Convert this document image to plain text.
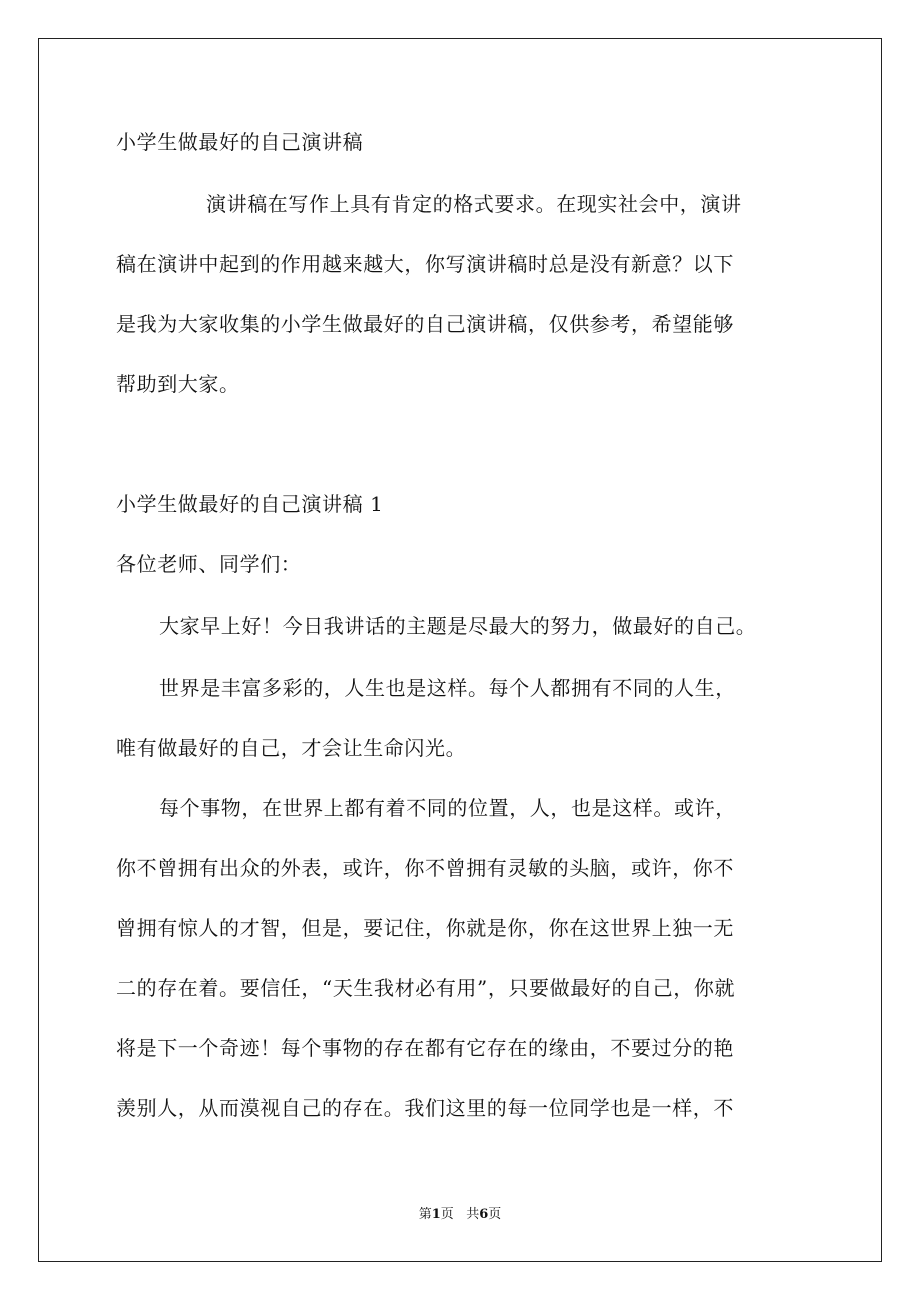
小学生做最好的自己演讲稿
演讲稿在写作上具有肯定的格式要求。在现实社会中，演讲
稿在演讲中起到的作用越来越大，你写演讲稿时总是没有新意？以下
是我为大家收集的小学生做最好的自己演讲稿，仅供参考，希望能够
帮助到大家。
小学生做最好的自己演讲稿 1
各位老师、同学们：
大家早上好！今日我讲话的主题是尽最大的努力，做最好的自己。
世界是丰富多彩的，人生也是这样。每个人都拥有不同的人生，
唯有做最好的自己，才会让生命闪光。
每个事物，在世界上都有着不同的位置，人，也是这样。或许，
你不曾拥有出众的外表，或许，你不曾拥有灵敏的头脑，或许，你不
曾拥有惊人的才智，但是，要记住，你就是你，你在这世界上独一无
二的存在着。要信任，“天生我材必有用”，只要做最好的自己，你就
将是下一个奇迹！每个事物的存在都有它存在的缘由，不要过分的艳
羡别人，从而漠视自己的存在。我们这里的每一位同学也是一样，不
第1页 共6页
